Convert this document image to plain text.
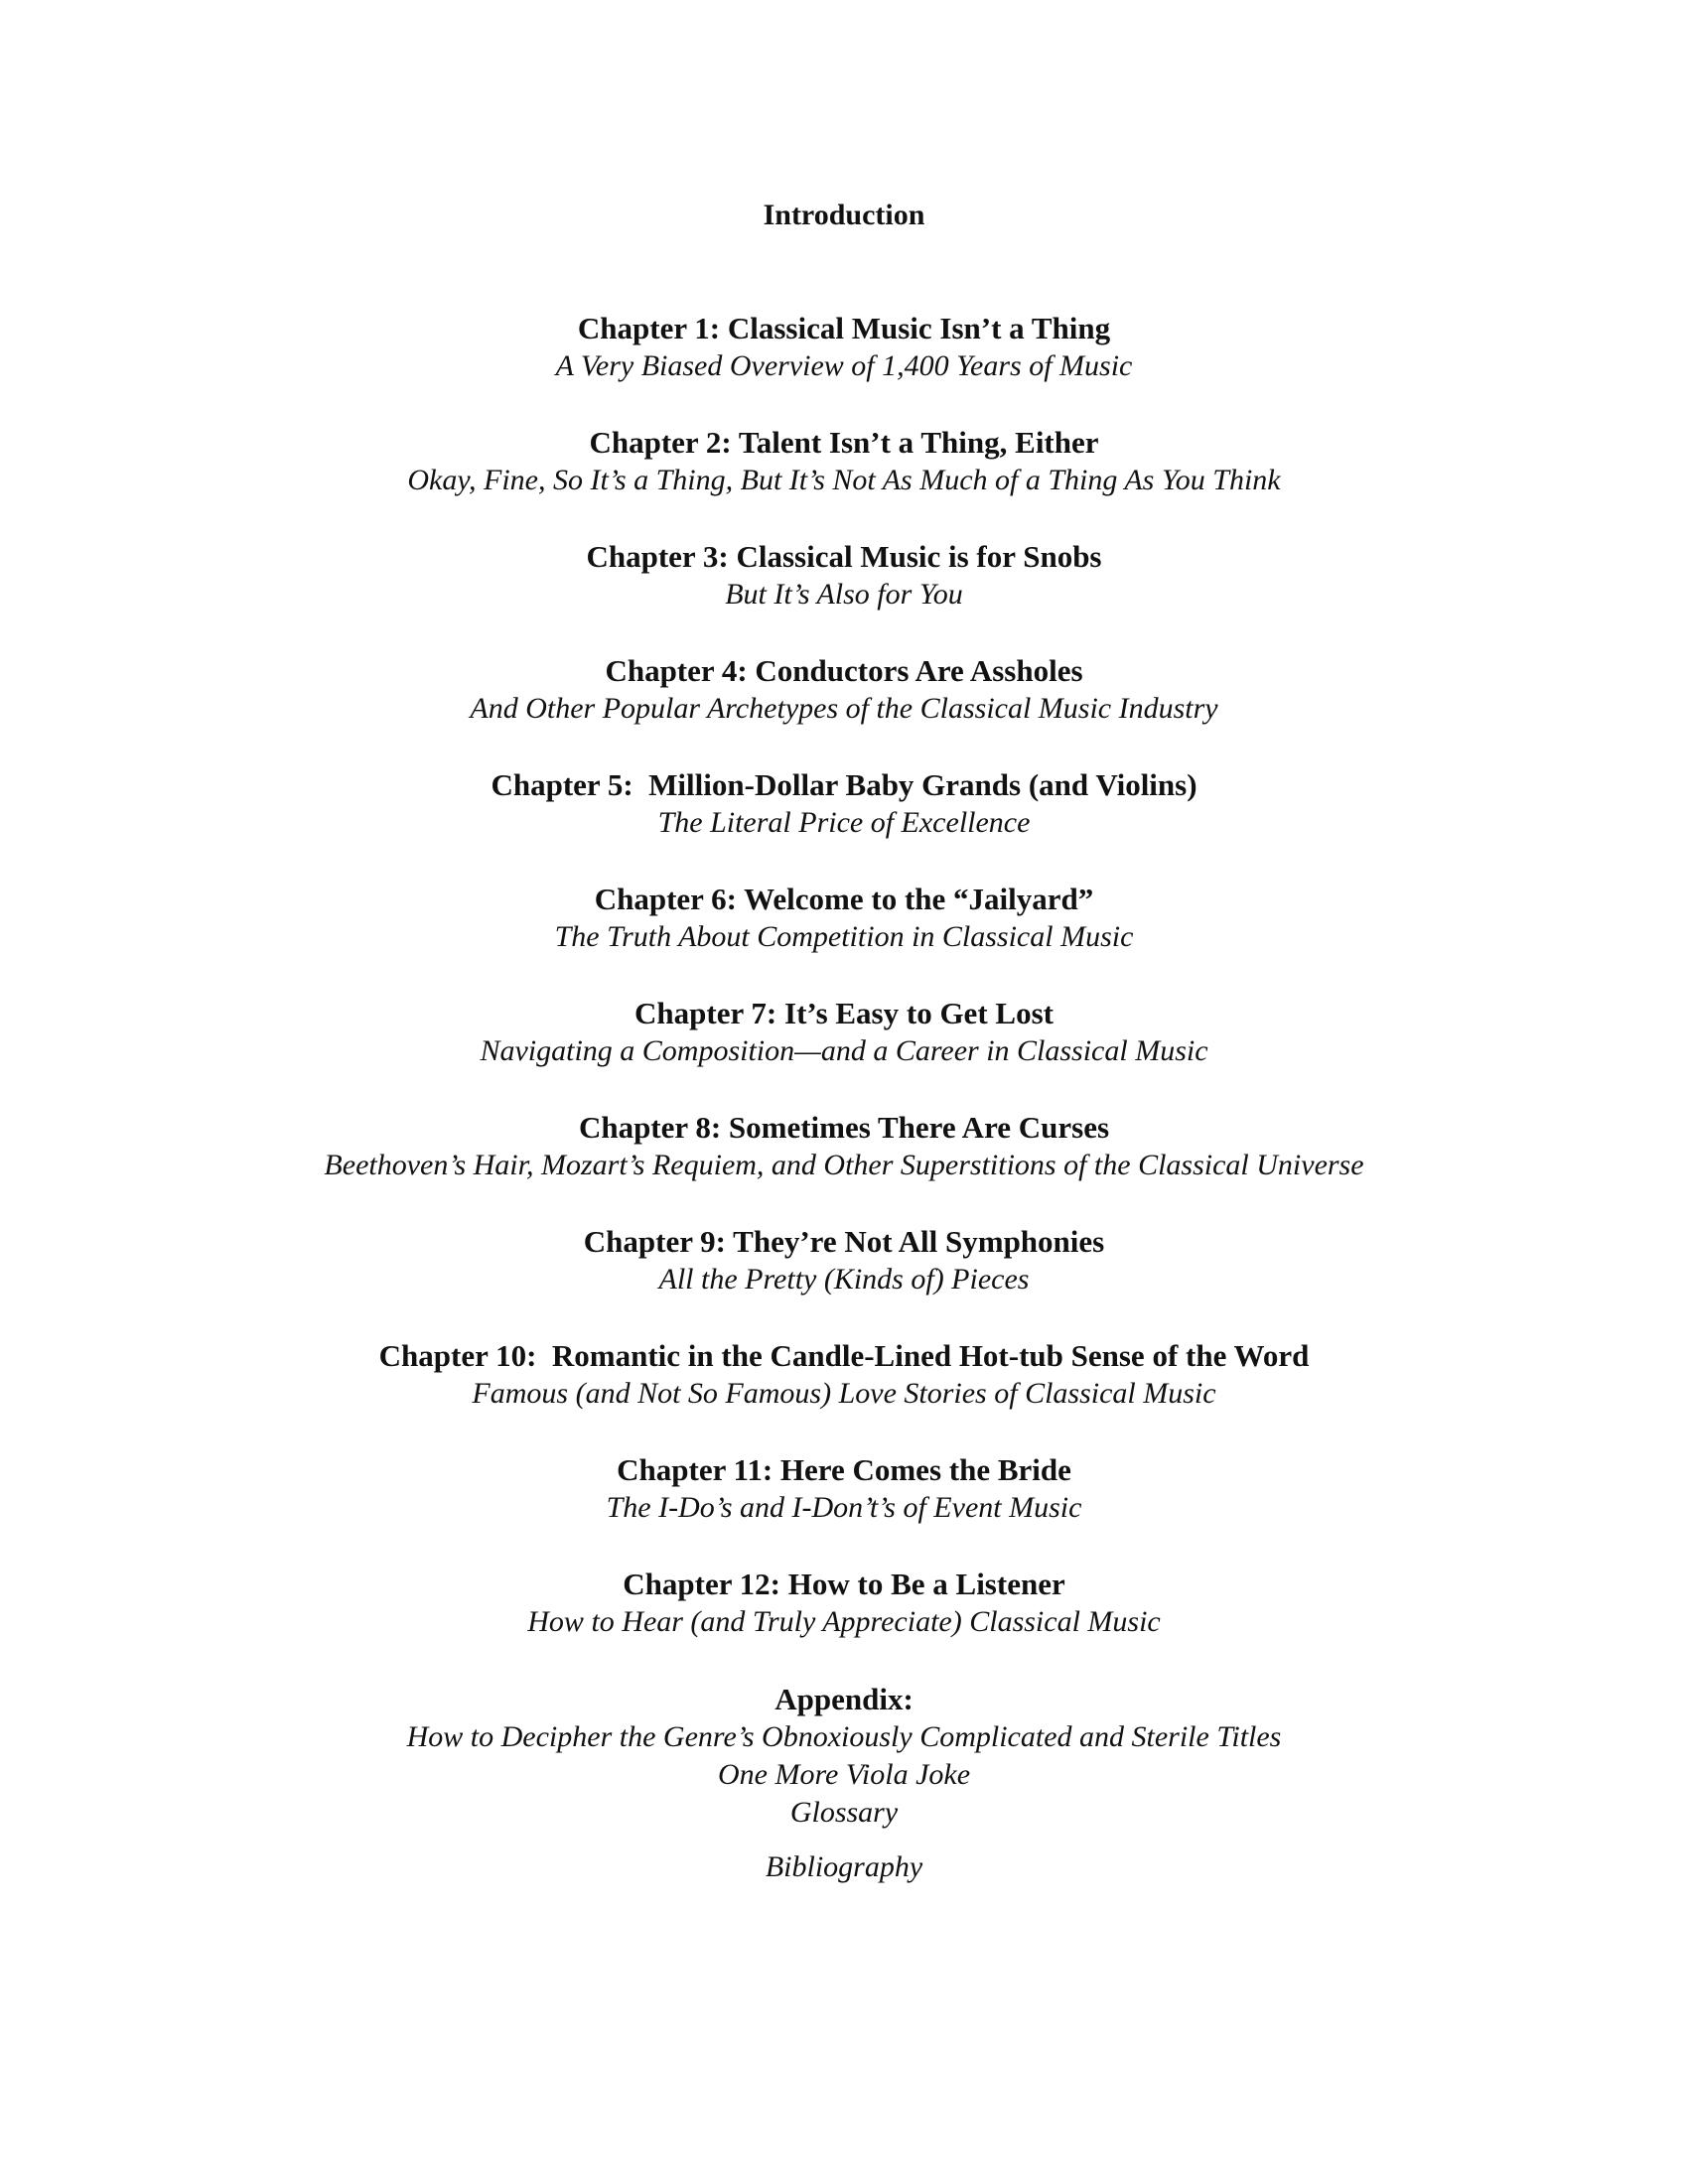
Introduction
Chapter 1: Classical Music Isn’t a Thing
A Very Biased Overview of 1,400 Years of Music
Chapter 2: Talent Isn’t a Thing, Either
Okay, Fine, So It’s a Thing, But It’s Not As Much of a Thing As You Think
Chapter 3: Classical Music is for Snobs
But It’s Also for You
Chapter 4: Conductors Are Assholes
And Other Popular Archetypes of the Classical Music Industry
Chapter 5:  Million-Dollar Baby Grands (and Violins)
The Literal Price of Excellence
Chapter 6: Welcome to the “Jailyard”
The Truth About Competition in Classical Music
Chapter 7: It’s Easy to Get Lost
Navigating a Composition—and a Career in Classical Music
Chapter 8: Sometimes There Are Curses
Beethoven’s Hair, Mozart’s Requiem, and Other Superstitions of the Classical Universe
Chapter 9: They’re Not All Symphonies
All the Pretty (Kinds of) Pieces
Chapter 10:  Romantic in the Candle-Lined Hot-tub Sense of the Word
Famous (and Not So Famous) Love Stories of Classical Music
Chapter 11: Here Comes the Bride
The I-Do’s and I-Don’t’s of Event Music
Chapter 12: How to Be a Listener
How to Hear (and Truly Appreciate) Classical Music
Appendix:
How to Decipher the Genre’s Obnoxiously Complicated and Sterile Titles
One More Viola Joke
Glossary
Bibliography
